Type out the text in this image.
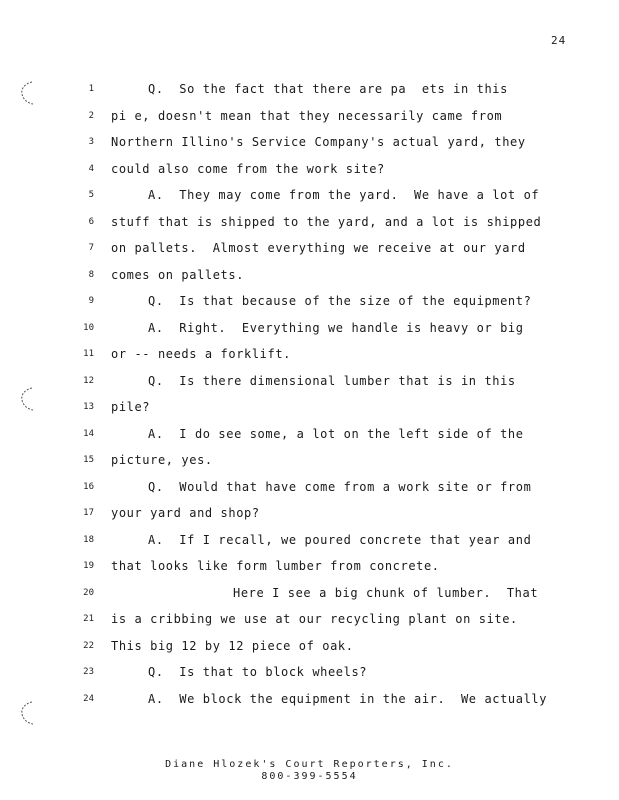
24
1	Q.  So the fact that there are pa  ets in this
2 pi e, doesn't mean that they necessarily came from
3 Northern Illino's Service Company's actual yard, they
4 could also come from the work site?
5	A.  They may come from the yard.  We have a lot of
6 stuff that is shipped to the yard, and a lot is shipped
7 on pallets.  Almost everything we receive at our yard
8 comes on pallets.
9	Q.  Is that because of the size of the equipment?
10	A.  Right.  Everything we handle is heavy or big
11 or -- needs a forklift.
12	Q.  Is there dimensional lumber that is in this
13 pile?
14	A.  I do see some, a lot on the left side of the
15 picture, yes.
16	Q.  Would that have come from a work site or from
17 your yard and shop?
18	A.  If I recall, we poured concrete that year and
19 that looks like form lumber from concrete.
20	Here I see a big chunk of lumber.  That
21 is a cribbing we use at our recycling plant on site.
22 This big 12 by 12 piece of oak.
23	Q.  Is that to block wheels?
24	A.  We block the equipment in the air.  We actually
Diane Hlozek's Court Reporters, Inc.
800-399-5554
